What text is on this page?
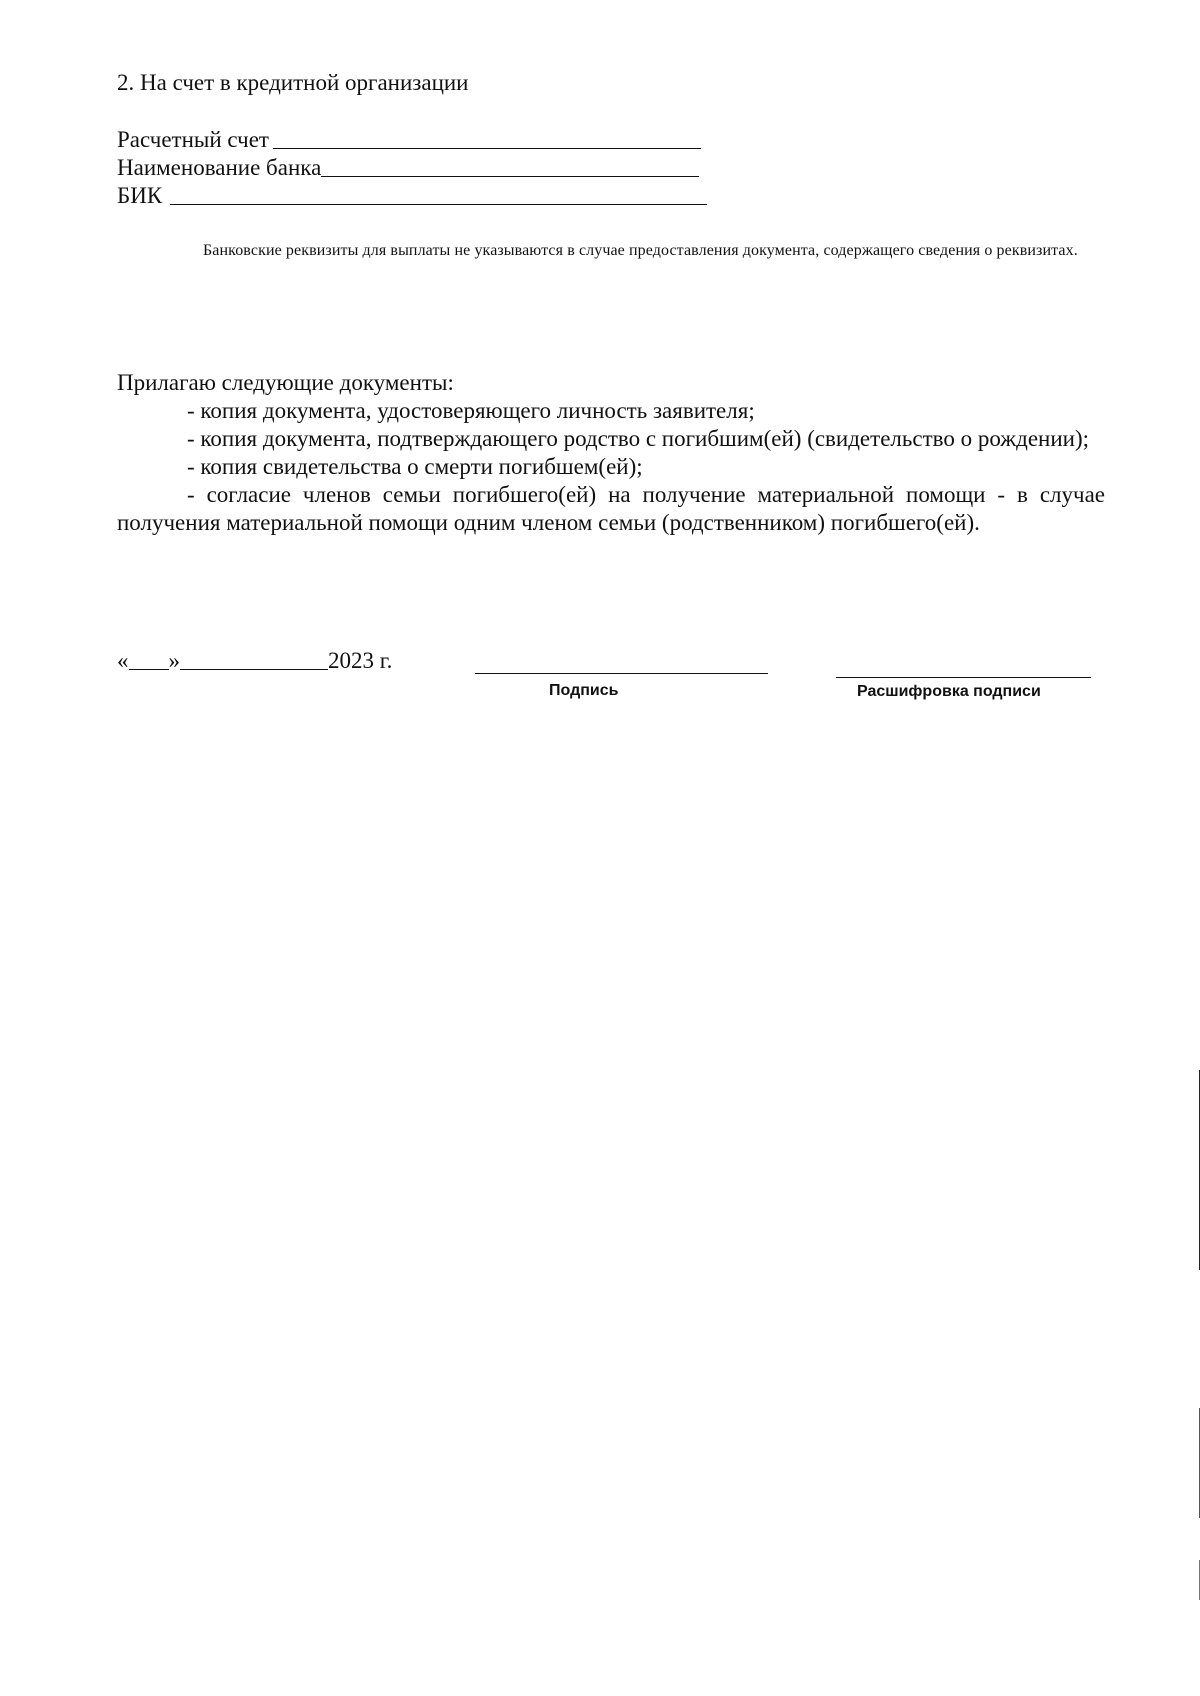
2. На счет в кредитной организации
Расчетный счет
Наименование банка
БИК
Банковские реквизиты для выплаты не указываются в случае предоставления документа, содержащего сведения о реквизитах.
Прилагаю следующие документы:
- копия документа, удостоверяющего личность заявителя;
- копия документа, подтверждающего родство с погибшим(ей) (свидетельство о рождении);
- копия свидетельства о смерти погибшем(ей);
- согласие членов семьи погибшего(ей) на получение материальной помощи - в случае получения материальной помощи одним членом семьи (родственником) погибшего(ей).
« »	2023 г.
Подпись	Расшифровка подписи
